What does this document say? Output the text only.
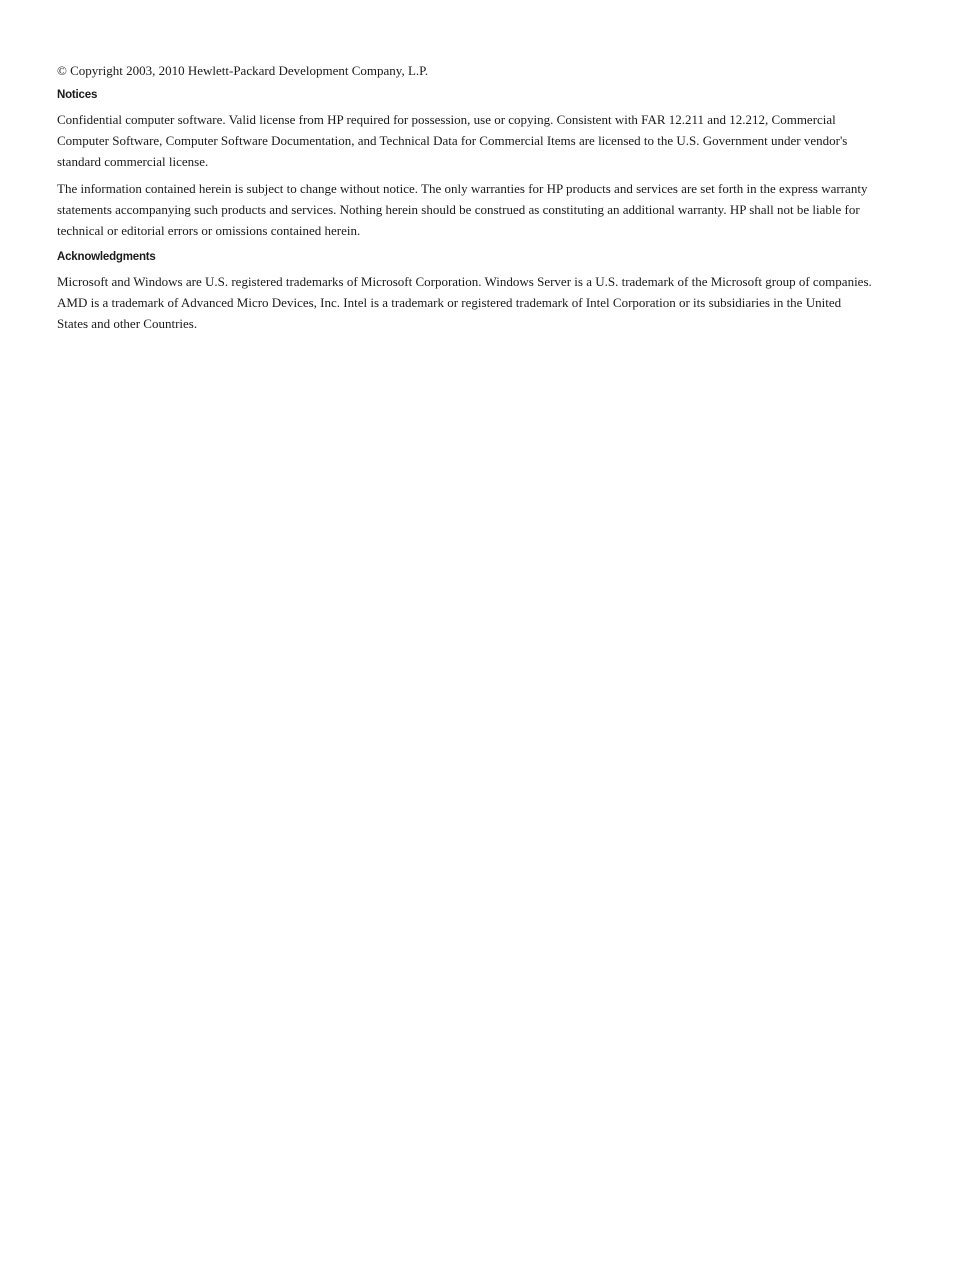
© Copyright 2003, 2010 Hewlett-Packard Development Company, L.P.

Notices

Confidential computer software. Valid license from HP required for possession, use or copying. Consistent with FAR 12.211 and 12.212, Commercial Computer Software, Computer Software Documentation, and Technical Data for Commercial Items are licensed to the U.S. Government under vendor's standard commercial license.

The information contained herein is subject to change without notice. The only warranties for HP products and services are set forth in the express warranty statements accompanying such products and services. Nothing herein should be construed as constituting an additional warranty. HP shall not be liable for technical or editorial errors or omissions contained herein.

Acknowledgments

Microsoft and Windows are U.S. registered trademarks of Microsoft Corporation. Windows Server is a U.S. trademark of the Microsoft group of companies. AMD is a trademark of Advanced Micro Devices, Inc. Intel is a trademark or registered trademark of Intel Corporation or its subsidiaries in the United States and other Countries.
